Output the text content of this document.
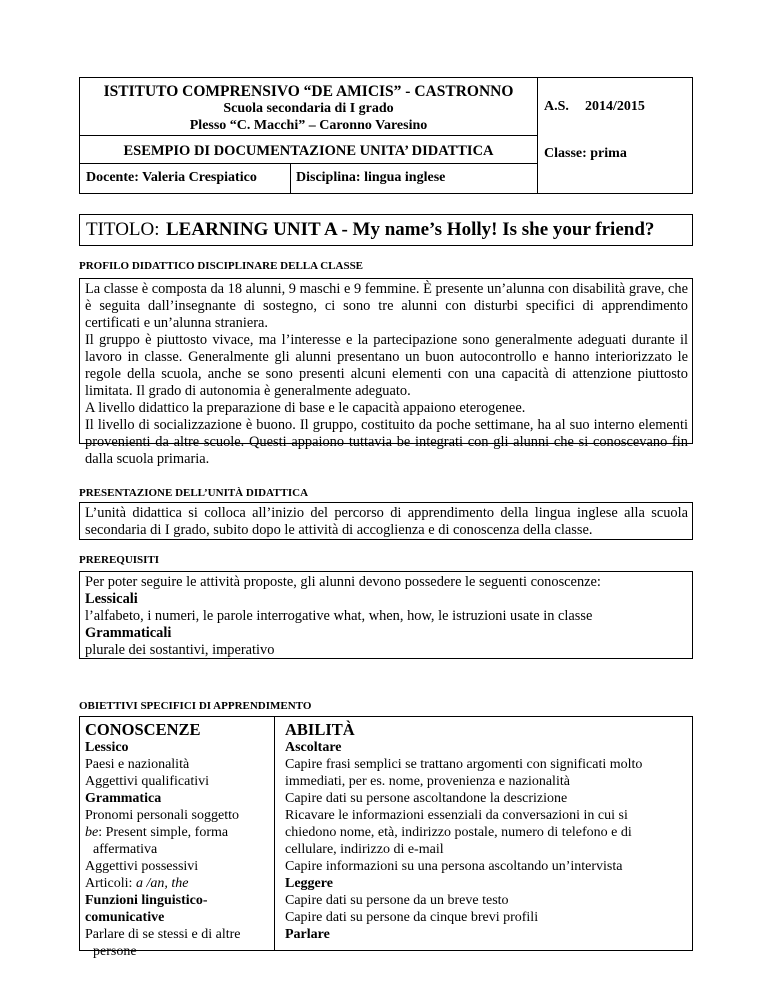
ISTITUTO COMPRENSIVO “DE AMICIS” - CASTRONNO
Scuola secondaria di I grado
Plesso “C. Macchi” – Caronno Varesino
ESEMPIO DI DOCUMENTAZIONE UNITA’ DIDATTICA
Docente: Valeria Crespiatico	Disciplina: lingua inglese
A.S. 2014/2015
Classe: prima
TITOLO: LEARNING UNIT A - My name’s Holly! Is she your friend?
PROFILO DIDATTICO DISCIPLINARE DELLA CLASSE

La classe è composta da 18 alunni, 9 maschi e 9 femmine. È presente un’alunna con disabilità grave, che è seguita dall’insegnante di sostegno, ci sono tre alunni con disturbi specifici di apprendimento certificati e un’alunna straniera.

Il gruppo è piuttosto vivace, ma l’interesse e la partecipazione sono generalmente adeguati durante il lavoro in classe. Generalmente gli alunni presentano un buon autocontrollo e hanno interiorizzato le regole della scuola, anche se sono presenti alcuni elementi con una capacità di attenzione piuttosto limitata. Il grado di autonomia è generalmente adeguato.

A livello didattico la preparazione di base e le capacità appaiono eterogenee.

Il livello di socializzazione è buono. Il gruppo, costituito da poche settimane, ha al suo interno elementi provenienti da altre scuole. Questi appaiono tuttavia be integrati con gli alunni che si conoscevano fin dalla scuola primaria.

PRESENTAZIONE DELL’UNITÀ DIDATTICA

L’unità didattica si colloca all’inizio del percorso di apprendimento della lingua inglese alla scuola secondaria di I grado, subito dopo le attività di accoglienza e di conoscenza della classe.

PREREQUISITI

Per poter seguire le attività proposte, gli alunni devono possedere le seguenti conoscenze:

Lessicali

l’alfabeto, i numeri, le parole interrogative what, when, how, le istruzioni usate in classe

Grammaticali

plurale dei sostantivi, imperativo

OBIETTIVI SPECIFICI DI APPRENDIMENTO
CONOSCENZE
Lessico
Paesi e nazionalità
Aggettivi qualificativi
Grammatica
Pronomi personali soggetto
be: Present simple, forma
affermativa
Aggettivi possessivi
Articoli: a /an, the
Funzioni linguistico-
comunicative
Parlare di se stessi e di altre
persone
ABILITÀ
Ascoltare
Capire frasi semplici se trattano argomenti con significati molto
immediati, per es. nome, provenienza e nazionalità
Capire dati su persone ascoltandone la descrizione
Ricavare le informazioni essenziali da conversazioni in cui si
chiedono nome, età, indirizzo postale, numero di telefono e di
cellulare, indirizzo di e-mail
Capire informazioni su una persona ascoltando un’intervista
Leggere
Capire dati su persone da un breve testo
Capire dati su persone da cinque brevi profili
Parlare
